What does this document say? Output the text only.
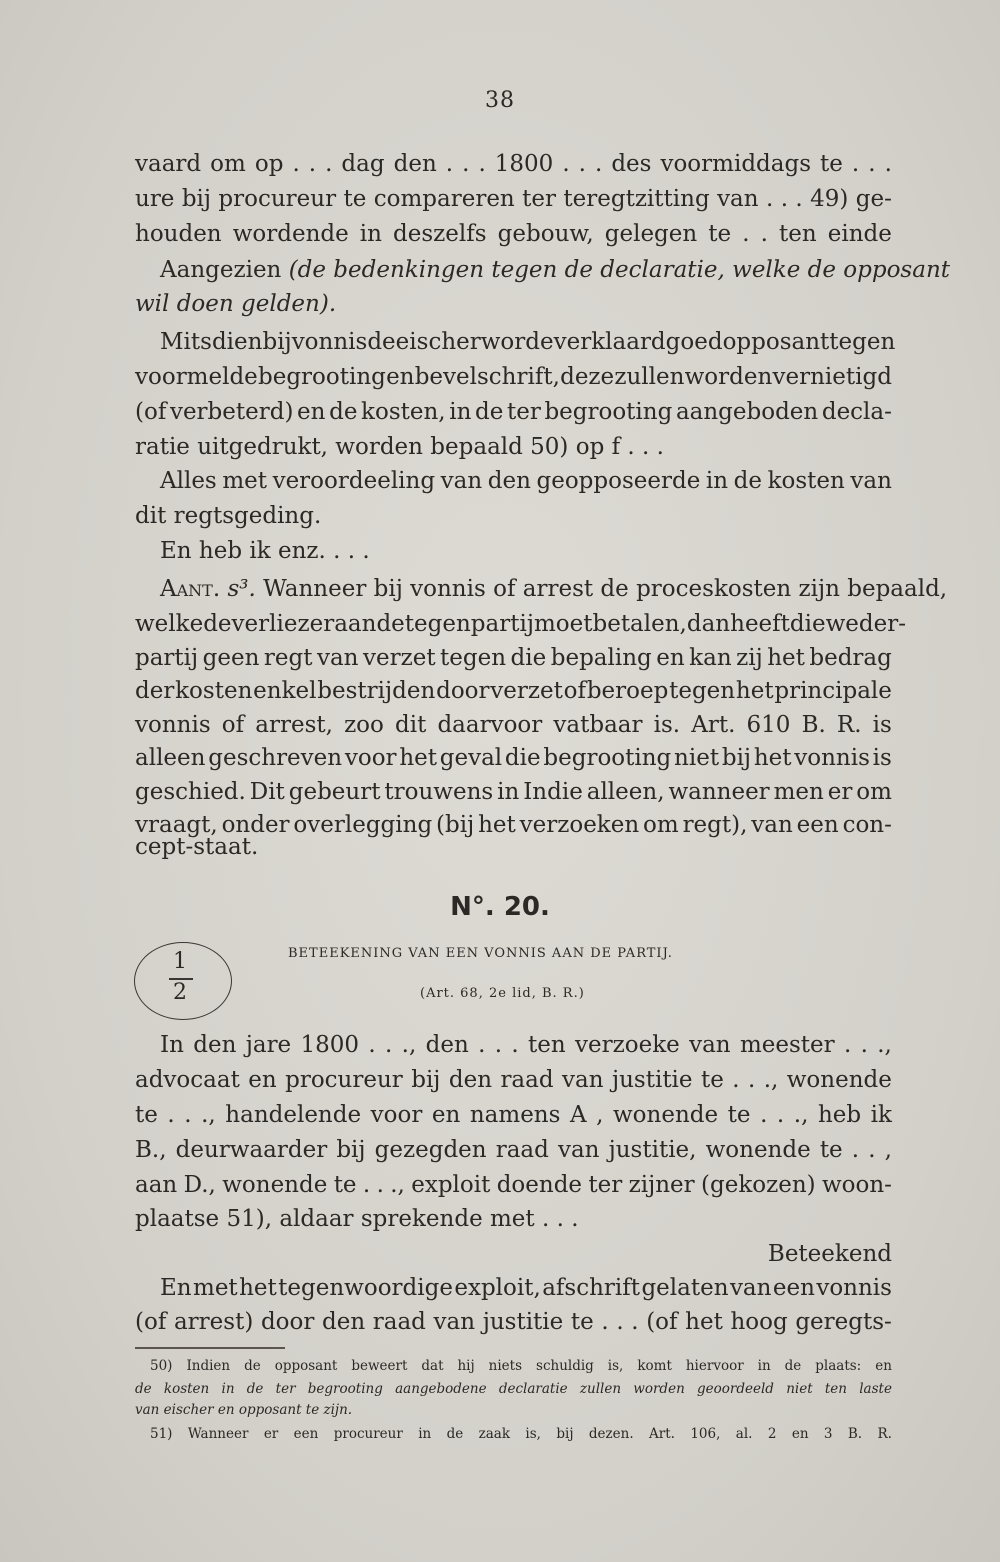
38
vaard om op . . . dag den . . . 1800 . . . des voormiddags te . . .
ure bij procureur te compareren ter teregtzitting van . . . 49) ge-
houden wordende in deszelfs gebouw, gelegen te . . ten einde
Aangezien
(de bedenkingen tegen de declaratie, welke de opposant
wil doen gelden).
Mitsdien bij vonnis de eischer worde verklaard goed opposant tegen
voormelde begrooting en bevelschrift, deze zullen worden vernietigd
(of verbeterd) en de kosten, in de ter begrooting aangeboden decla-
ratie uitgedrukt, worden bepaald 50) op f . . .
Alles met veroordeeling van den geopposeerde in de kosten van
dit regtsgeding.
En heb ik enz. . . .
Aant.
s³.
Wanneer bij vonnis of arrest de proceskosten zijn bepaald,
welke de verliezer aan de tegenpartij moet betalen, dan heeft die weder-
partij geen regt van verzet tegen die bepaling en kan zij het bedrag
der kosten enkel bestrijden door verzet of beroep tegen het principale
vonnis of arrest, zoo dit daarvoor vatbaar is. Art. 610 B. R. is
alleen geschreven voor het geval die begrooting niet bij het vonnis is
geschied. Dit gebeurt trouwens in Indie alleen, wanneer men er om
vraagt, onder overlegging (bij het verzoeken om regt), van een con-
cept-staat.
N°. 20.
1
2
BETEEKENING VAN EEN VONNIS AAN DE PARTIJ.
(Art. 68, 2e lid, B. R.)
In den jare 1800 . . ., den . . . ten verzoeke van meester . . .,
advocaat en procureur bij den raad van justitie te . . ., wonende
te . . ., handelende voor en namens A , wonende te . . ., heb ik
B., deurwaarder bij gezegden raad van justitie, wonende te . . ,
aan D., wonende te . . ., exploit doende ter zijner (gekozen) woon-
plaatse 51), aldaar sprekende met . . .
Beteekend
En met het tegenwoordige exploit, afschrift gelaten van een vonnis
(of arrest) door den raad van justitie te . . . (of het hoog geregts-
50) Indien de opposant beweert dat hij niets schuldig is, komt hiervoor in de plaats: en
de kosten in de ter begrooting aangebodene declaratie zullen worden geoordeeld niet ten laste
van eischer en opposant te zijn.
51) Wanneer er een procureur in de zaak is, bij dezen. Art. 106, al. 2 en 3 B. R.
